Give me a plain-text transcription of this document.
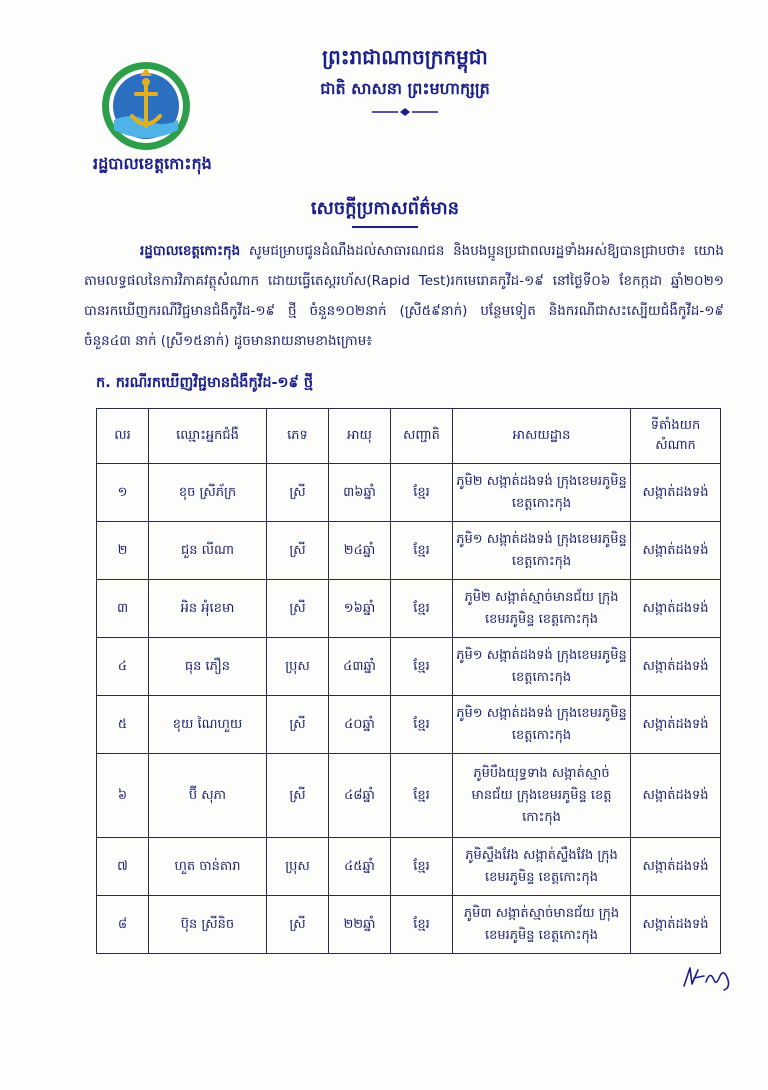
រដ្ឋបាលខេត្តកោះកុង
ព្រះរាជាណាចក្រកម្ពុជា
ជាតិ សាសនា ព្រះមហាក្សត្រ
សេចក្តីប្រកាសព័ត៌មាន

រដ្ឋបាលខេត្តកោះកុង សូមជម្រាបជូនដំណឹងដល់សាធារណជន និងបងប្អូនប្រជាពលរដ្ឋទាំងអស់ឱ្យបានជ្រាបថា៖ យោងតាមលទ្ធផលនៃការវិភាគវត្ថុសំណាក ដោយធ្វើតេស្តរហ័ស(Rapid Test)រកមេរោគកូវីដ-១៩ នៅថ្ងៃទី០៦ ខែកក្កដា ឆ្នាំ២០២១ បានរកឃើញករណីវិជ្ជមានជំងឺកូវីដ-១៩ ថ្មី ចំនួន១០២នាក់ (ស្រី៥៩នាក់) បន្ថែមទៀត និងករណីជាសះស្បើយជំងឺកូវីដ-១៩ ចំនួន៤៣ នាក់ (ស្រី១៥នាក់) ដូចមានរាយនាមខាងក្រោម៖

ក. ករណីរកឃើញវិជ្ជមានជំងឺកូវីដ-១៩ ថ្មី
លរ	ឈ្មោះអ្នកជំងឺ	ភេទ	អាយុ	សញ្ជាតិ	អាសយដ្ឋាន	ទីតាំងយកសំណាក
១	ខុច ស្រីភ័ក្រ	ស្រី	៣៦ឆ្នាំ	ខ្មែរ	ភូមិ២ សង្កាត់ដងទង់ ក្រុងខេមរភូមិន្ទ ខេត្តកោះកុង	សង្កាត់ដងទង់
២	ជួន លីណា	ស្រី	២៤ឆ្នាំ	ខ្មែរ	ភូមិ១ សង្កាត់ដងទង់ ក្រុងខេមរភូមិន្ទ ខេត្តកោះកុង	សង្កាត់ដងទង់
៣	អិន អុំខេមា	ស្រី	១៦ឆ្នាំ	ខ្មែរ	ភូមិ២ សង្កាត់ស្មាច់មានជ័យ ក្រុងខេមរភូមិន្ទ ខេត្តកោះកុង	សង្កាត់ដងទង់
៤	ធុន ភឿន	ប្រុស	៤៣ឆ្នាំ	ខ្មែរ	ភូមិ១ សង្កាត់ដងទង់ ក្រុងខេមរភូមិន្ទ ខេត្តកោះកុង	សង្កាត់ដងទង់
៥	ខុយ ណៃហួយ	ស្រី	៤០ឆ្នាំ	ខ្មែរ	ភូមិ១ សង្កាត់ដងទង់ ក្រុងខេមរភូមិន្ទ ខេត្តកោះកុង	សង្កាត់ដងទង់
៦	ប៊ី សុភា	ស្រី	៤៨ឆ្នាំ	ខ្មែរ	ភូមិបឹងយុទ្ធទាង សង្កាត់ស្មាច់មានជ័យ ក្រុងខេមរភូមិន្ទ ខេត្តកោះកុង	សង្កាត់ដងទង់
៧	ហួត ចាន់តារា	ប្រុស	៤៥ឆ្នាំ	ខ្មែរ	ភូមិស្ទឹងវែង សង្កាត់ស្ទឹងវែង ក្រុងខេមរភូមិន្ទ ខេត្តកោះកុង	សង្កាត់ដងទង់
៨	ប៊ុន ស្រីនិច	ស្រី	២២ឆ្នាំ	ខ្មែរ	ភូមិ៣ សង្កាត់ស្មាច់មានជ័យ ក្រុងខេមរភូមិន្ទ ខេត្តកោះកុង	សង្កាត់ដងទង់
